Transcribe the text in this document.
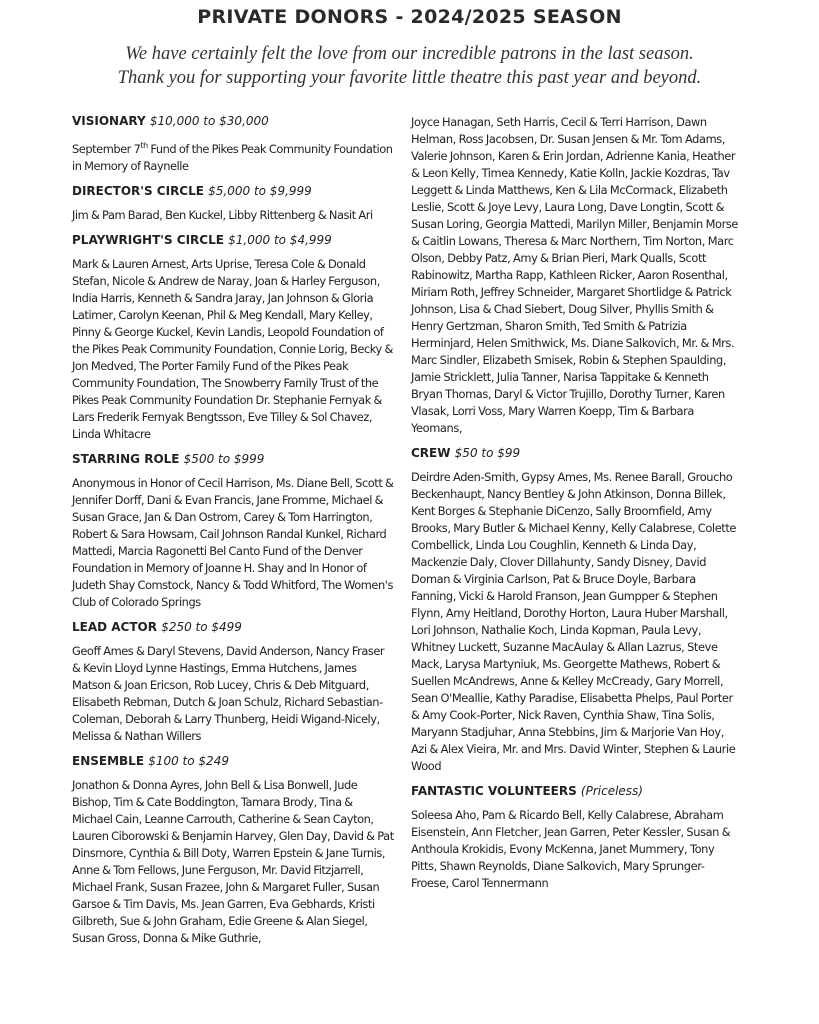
PRIVATE DONORS - 2024/2025 SEASON
We have certainly felt the love from our incredible patrons in the last season.
Thank you for supporting your favorite little theatre this past year and beyond.
VISIONARY $10,000 to $30,000
September 7th Fund of the Pikes Peak Community Foundation in Memory of Raynelle
DIRECTOR'S CIRCLE $5,000 to $9,999
Jim & Pam Barad, Ben Kuckel, Libby Rittenberg & Nasit Ari
PLAYWRIGHT'S CIRCLE $1,000 to $4,999
Mark & Lauren Arnest, Arts Uprise, Teresa Cole & Donald Stefan, Nicole & Andrew de Naray, Joan & Harley Ferguson, India Harris, Kenneth & Sandra Jaray, Jan Johnson & Gloria Latimer, Carolyn Keenan, Phil & Meg Kendall, Mary Kelley, Pinny & George Kuckel, Kevin Landis, Leopold Foundation of the Pikes Peak Community Foundation, Connie Lorig, Becky & Jon Medved, The Porter Family Fund of the Pikes Peak Community Foundation, The Snowberry Family Trust of the Pikes Peak Community Foundation Dr. Stephanie Fernyak & Lars Frederik Fernyak Bengtsson, Eve Tilley & Sol Chavez, Linda Whitacre
STARRING ROLE $500 to $999
Anonymous in Honor of Cecil Harrison, Ms. Diane Bell, Scott & Jennifer Dorff, Dani & Evan Francis, Jane Fromme, Michael & Susan Grace, Jan & Dan Ostrom, Carey & Tom Harrington, Robert & Sara Howsam, Cail Johnson Randal Kunkel, Richard Mattedi, Marcia Ragonetti Bel Canto Fund of the Denver Foundation in Memory of Joanne H. Shay and In Honor of Judeth Shay Comstock, Nancy & Todd Whitford, The Women's Club of Colorado Springs
LEAD ACTOR $250 to $499
Geoff Ames & Daryl Stevens, David Anderson, Nancy Fraser & Kevin Lloyd Lynne Hastings, Emma Hutchens, James Matson & Joan Ericson, Rob Lucey, Chris & Deb Mitguard, Elisabeth Rebman, Dutch & Joan Schulz, Richard Sebastian-Coleman, Deborah & Larry Thunberg, Heidi Wigand-Nicely, Melissa & Nathan Willers
ENSEMBLE $100 to $249
Jonathon & Donna Ayres, John Bell & Lisa Bonwell, Jude Bishop, Tim & Cate Boddington, Tamara Brody, Tina & Michael Cain, Leanne Carrouth, Catherine & Sean Cayton, Lauren Ciborowski & Benjamin Harvey, Glen Day, David & Pat Dinsmore, Cynthia & Bill Doty, Warren Epstein & Jane Turnis, Anne & Tom Fellows, June Ferguson, Mr. David Fitzjarrell, Michael Frank, Susan Frazee, John & Margaret Fuller, Susan Garsoe & Tim Davis, Ms. Jean Garren, Eva Gebhards, Kristi Gilbreth, Sue & John Graham, Edie Greene & Alan Siegel, Susan Gross, Donna & Mike Guthrie,
Joyce Hanagan, Seth Harris, Cecil & Terri Harrison, Dawn Helman, Ross Jacobsen, Dr. Susan Jensen & Mr. Tom Adams, Valerie Johnson, Karen & Erin Jordan, Adrienne Kania, Heather & Leon Kelly, Timea Kennedy, Katie Kolln, Jackie Kozdras, Tav Leggett & Linda Matthews, Ken & Lila McCormack, Elizabeth Leslie, Scott & Joye Levy, Laura Long, Dave Longtin, Scott & Susan Loring, Georgia Mattedi, Marilyn Miller, Benjamin Morse & Caitlin Lowans, Theresa & Marc Northern, Tim Norton, Marc Olson, Debby Patz, Amy & Brian Pieri, Mark Qualls, Scott Rabinowitz, Martha Rapp, Kathleen Ricker, Aaron Rosenthal, Miriam Roth, Jeffrey Schneider, Margaret Shortlidge & Patrick Johnson, Lisa & Chad Siebert, Doug Silver, Phyllis Smith & Henry Gertzman, Sharon Smith, Ted Smith & Patrizia Herminjard, Helen Smithwick, Ms. Diane Salkovich, Mr. & Mrs. Marc Sindler, Elizabeth Smisek, Robin & Stephen Spaulding, Jamie Stricklett, Julia Tanner, Narisa Tappitake & Kenneth Bryan Thomas, Daryl & Victor Trujillo, Dorothy Turner, Karen Vlasak, Lorri Voss, Mary Warren Koepp, Tim & Barbara Yeomans,
CREW $50 to $99
Deirdre Aden-Smith, Gypsy Ames, Ms. Renee Barall, Groucho Beckenhaupt, Nancy Bentley & John Atkinson, Donna Billek, Kent Borges & Stephanie DiCenzo, Sally Broomfield, Amy Brooks, Mary Butler & Michael Kenny, Kelly Calabrese, Colette Combellick, Linda Lou Coughlin, Kenneth & Linda Day, Mackenzie Daly, Clover Dillahunty, Sandy Disney, David Doman & Virginia Carlson, Pat & Bruce Doyle, Barbara Fanning, Vicki & Harold Franson, Jean Gumpper & Stephen Flynn, Amy Heitland, Dorothy Horton, Laura Huber Marshall, Lori Johnson, Nathalie Koch, Linda Kopman, Paula Levy, Whitney Luckett, Suzanne MacAulay & Allan Lazrus, Steve Mack, Larysa Martyniuk, Ms. Georgette Mathews, Robert & Suellen McAndrews, Anne & Kelley McCready, Gary Morrell, Sean O'Meallie, Kathy Paradise, Elisabetta Phelps, Paul Porter & Amy Cook-Porter, Nick Raven, Cynthia Shaw, Tina Solis, Maryann Stadjuhar, Anna Stebbins, Jim & Marjorie Van Hoy, Azi & Alex Vieira, Mr. and Mrs. David Winter, Stephen & Laurie Wood
FANTASTIC VOLUNTEERS (Priceless)
Soleesa Aho, Pam & Ricardo Bell, Kelly Calabrese, Abraham Eisenstein, Ann Fletcher, Jean Garren, Peter Kessler, Susan & Anthoula Krokidis, Evony McKenna, Janet Mummery, Tony Pitts, Shawn Reynolds, Diane Salkovich, Mary Sprunger-Froese, Carol Tennermann
